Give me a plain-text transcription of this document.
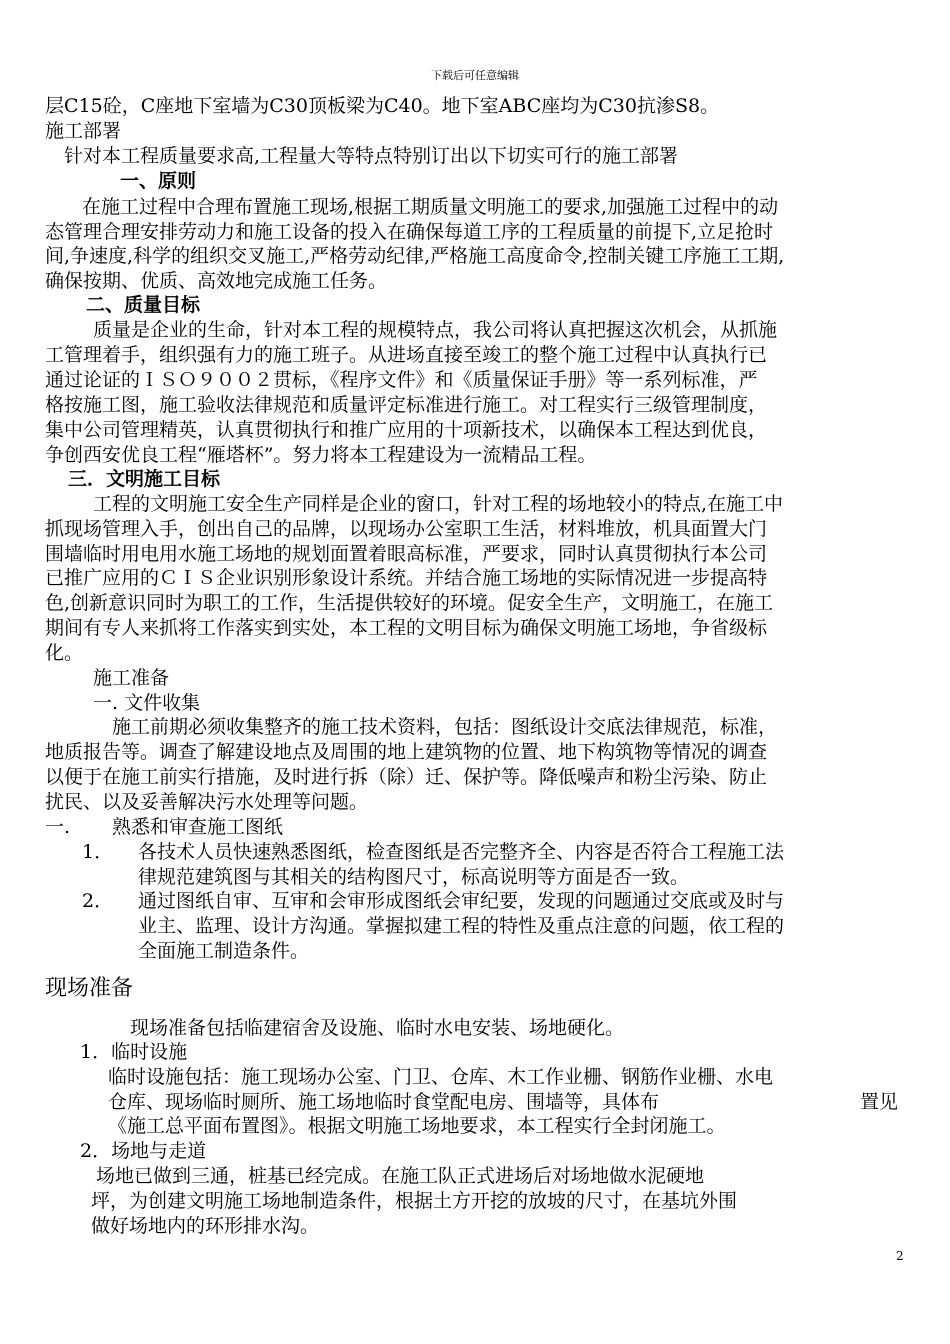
下载后可任意编辑
层C15砼，C座地下室墙为C30顶板梁为C40。地下室ABC座均为C30抗渗S8。
施工部署
针对本工程质量要求高,工程量大等特点特别订出以下切实可行的施工部署
一、原则
在施工过程中合理布置施工现场,根据工期质量文明施工的要求,加强施工过程中的动
态管理合理安排劳动力和施工设备的投入在确保每道工序的工程质量的前提下,立足抢时
间,争速度,科学的组织交叉施工,严格劳动纪律,严格施工高度命令,控制关键工序施工工期,
确保按期、优质、高效地完成施工任务。
二、质量目标
质量是企业的生命，针对本工程的规模特点，我公司将认真把握这次机会，从抓施
工管理着手，组织强有力的施工班子。从进场直接至竣工的整个施工过程中认真执行已
通过论证的ＩＳＯ９００２贯标，《程序文件》和《质量保证手册》等一系列标准，严
格按施工图，施工验收法律规范和质量评定标准进行施工。对工程实行三级管理制度，
集中公司管理精英，认真贯彻执行和推广应用的十项新技术，以确保本工程达到优良，
争创西安优良工程“雁塔杯”。努力将本工程建设为一流精品工程。
三．文明施工目标
工程的文明施工安全生产同样是企业的窗口，针对工程的场地较小的特点,在施工中
抓现场管理入手，创出自己的品牌，以现场办公室职工生活，材料堆放，机具面置大门
围墙临时用电用水施工场地的规划面置着眼高标准，严要求，同时认真贯彻执行本公司
已推广应用的ＣＩＳ企业识别形象设计系统。并结合施工场地的实际情况进一步提高特
色,创新意识同时为职工的工作，生活提供较好的环境。促安全生产，文明施工，在施工
期间有专人来抓将工作落实到实处，本工程的文明目标为确保文明施工场地，争省级标
化。
施工准备
一. 文件收集
施工前期必须收集整齐的施工技术资料，包括：图纸设计交底法律规范，标准，
地质报告等。调查了解建设地点及周围的地上建筑物的位置、地下构筑物等情况的调查
以便于在施工前实行措施，及时进行拆（除）迁、保护等。降低噪声和粉尘污染、防止
扰民、以及妥善解决污水处理等问题。
一. 熟悉和审查施工图纸
1． 各技术人员快速熟悉图纸，检查图纸是否完整齐全、内容是否符合工程施工法
律规范建筑图与其相关的结构图尺寸，标高说明等方面是否一致。
2． 通过图纸自审、互审和会审形成图纸会审纪要，发现的问题通过交底或及时与
业主、监理、设计方沟通。掌握拟建工程的特性及重点注意的问题，依工程的
全面施工制造条件。
现场准备
现场准备包括临建宿舍及设施、临时水电安装、场地硬化。
1．临时设施
临时设施包括：施工现场办公室、门卫、仓库、木工作业栅、钢筋作业栅、水电
仓库、现场临时厕所、施工场地临时食堂配电房、围墙等，具体布	置见
《施工总平面布置图》。根据文明施工场地要求，本工程实行全封闭施工。
2．场地与走道
场地已做到三通，桩基已经完成。在施工队正式进场后对场地做水泥硬地
坪，为创建文明施工场地制造条件，根据土方开挖的放坡的尺寸，在基坑外围
做好场地内的环形排水沟。
2
